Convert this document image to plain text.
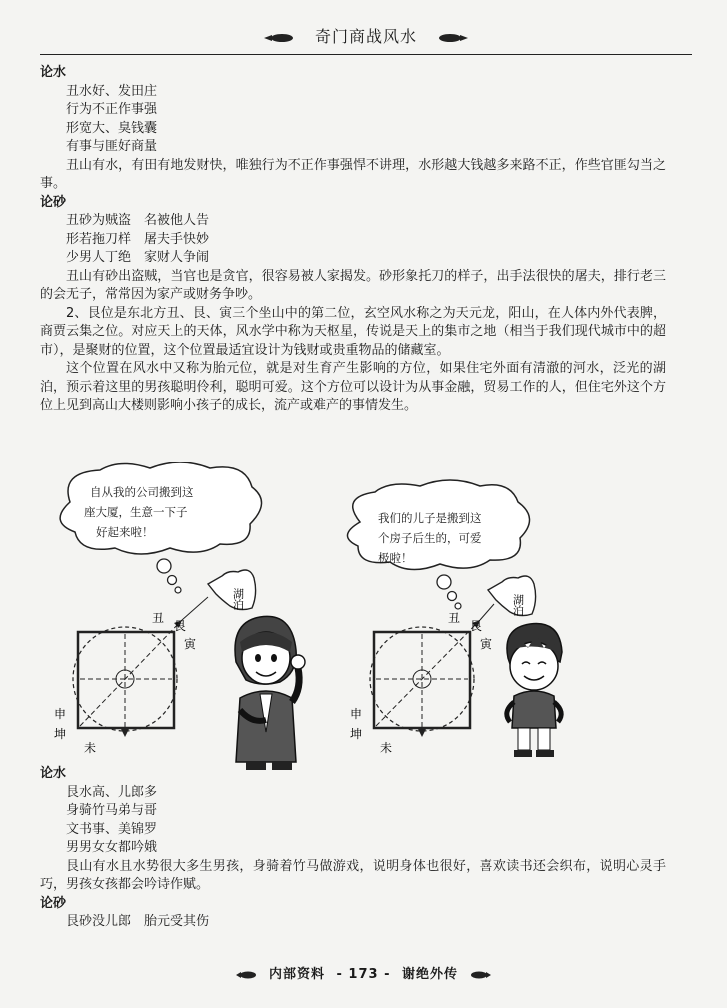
奇门商战风水

论水

丑水好、发田庄

行为不正作事强

形宽大、臭钱囊

有事与匪好商量

丑山有水，有田有地发财快，唯独行为不正作事强悍不讲理，水形越大钱越多来路不正，作些官匪勾当之事。

论砂

丑砂为贼盗　名被他人告

形若拖刀样　屠夫手快妙

少男人丁绝　家财人争闹

丑山有砂出盗贼，当官也是贪官，很容易被人家揭发。砂形象托刀的样子，出手法很快的屠夫，排行老三的会无子，常常因为家产或财务争吵。

2、艮位是东北方丑、艮、寅三个坐山中的第二位，玄空风水称之为天元龙，阳山，在人体内外代表脾，商贾云集之位。对应天上的天体，风水学中称为天枢星，传说是天上的集市之地（相当于我们现代城市中的超市），是聚财的位置，这个位置最适宜设计为钱财或贵重物品的储藏室。

这个位置在风水中又称为胎元位，就是对生育产生影响的方位，如果住宅外面有清澈的河水，泛光的湖泊，预示着这里的男孩聪明伶利，聪明可爱。这个方位可以设计为从事金融，贸易工作的人，但住宅外这个方位上见到高山大楼则影响小孩子的成长，流产或难产的事情发生。

自从我的公司搬到这
座大厦，生意一下子
好起来啦！
湖泊
丑
艮
寅
申
坤
未
我们的儿子是搬到这
个房子后生的，可爱
极啦！
湖泊
丑
艮
寅
申
坤
未

论水

艮水高、儿郎多

身骑竹马弟与哥

文书事、美锦罗

男男女女都吟娥

艮山有水且水势很大多生男孩，身骑着竹马做游戏，说明身体也很好，喜欢读书还会织布，说明心灵手巧，男孩女孩都会吟诗作赋。

论砂

艮砂没儿郎　胎元受其伤

内部资料 - 173 - 谢绝外传
